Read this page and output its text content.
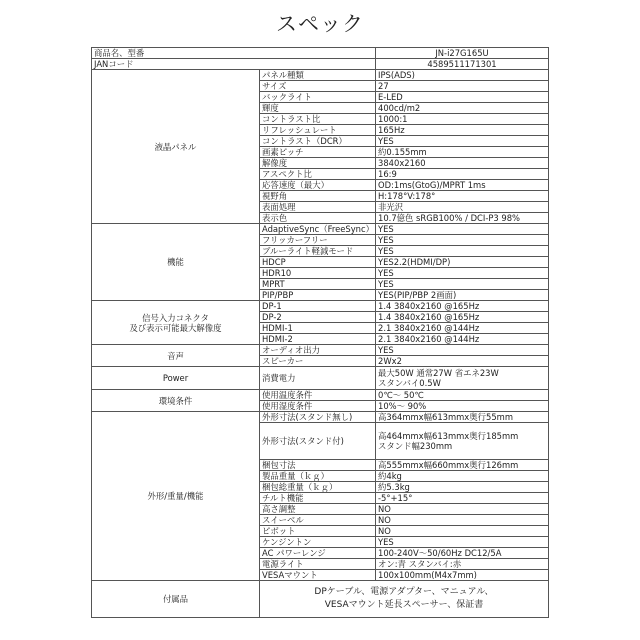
スペック
商品名、型番		JN-i27G165U
JANコード		4589511171301
液晶パネル	パネル種類	IPS(ADS)
	サイズ	27
	バックライト	E-LED
	輝度	400cd/m2
	コントラスト比	1000:1
	リフレッシュレート	165Hz
	コントラスト（DCR）	YES
	画素ピッチ	約0.155mm
	解像度	3840x2160
	アスペクト比	16:9
	応答速度（最大）	OD:1ms(GtoG)/MPRT 1ms
	視野角	H:178°V:178°
	表面処理	非光沢
	表示色	10.7億色 sRGB100% / DCI-P3 98%
機能	AdaptiveSync（FreeSync）	YES
	フリッカーフリー	YES
	ブルーライト軽減モード	YES
	HDCP	YES2.2(HDMI/DP)
	HDR10	YES
	MPRT	YES
	PIP/PBP	YES(PIP/PBP 2画面)
信号入力コネクタ
及び表示可能最大解像度	DP-1	1.4 3840x2160 @165Hz
	DP-2	1.4 3840x2160 @165Hz
	HDMI-1	2.1 3840x2160 @144Hz
	HDMI-2	2.1 3840x2160 @144Hz
音声	オーディオ出力	YES
	スピーカー	2Wx2
Power	消費電力	最大50W 通常27W 省エネ23W
スタンバイ0.5W
環境条件	使用温度条件	0℃〜 50℃
	使用湿度条件	10%〜 90%
外形/重量/機能	外形寸法(スタンド無し)	高364mmx幅613mmx奥行55mm
	外形寸法(スタンド付)	高464mmx幅613mmx奥行185mm
スタンド幅230mm
	梱包寸法	高555mmx幅660mmx奥行126mm
	製品重量（ｋｇ）	約4kg
	梱包総重量（ｋｇ）	約5.3kg
	チルト機能	-5°+15°
	高さ調整	NO
	スイーベル	NO
	ピボット	NO
	ケンジントン	YES
	AC パワーレンジ	100-240V〜50/60Hz DC12/5A
	電源ライト	オン:青 スタンバイ:赤
	VESAマウント	100x100mm(M4x7mm)
付属品	DPケーブル、電源アダプター、マニュアル、
VESAマウント延長スペーサー、保証書	
